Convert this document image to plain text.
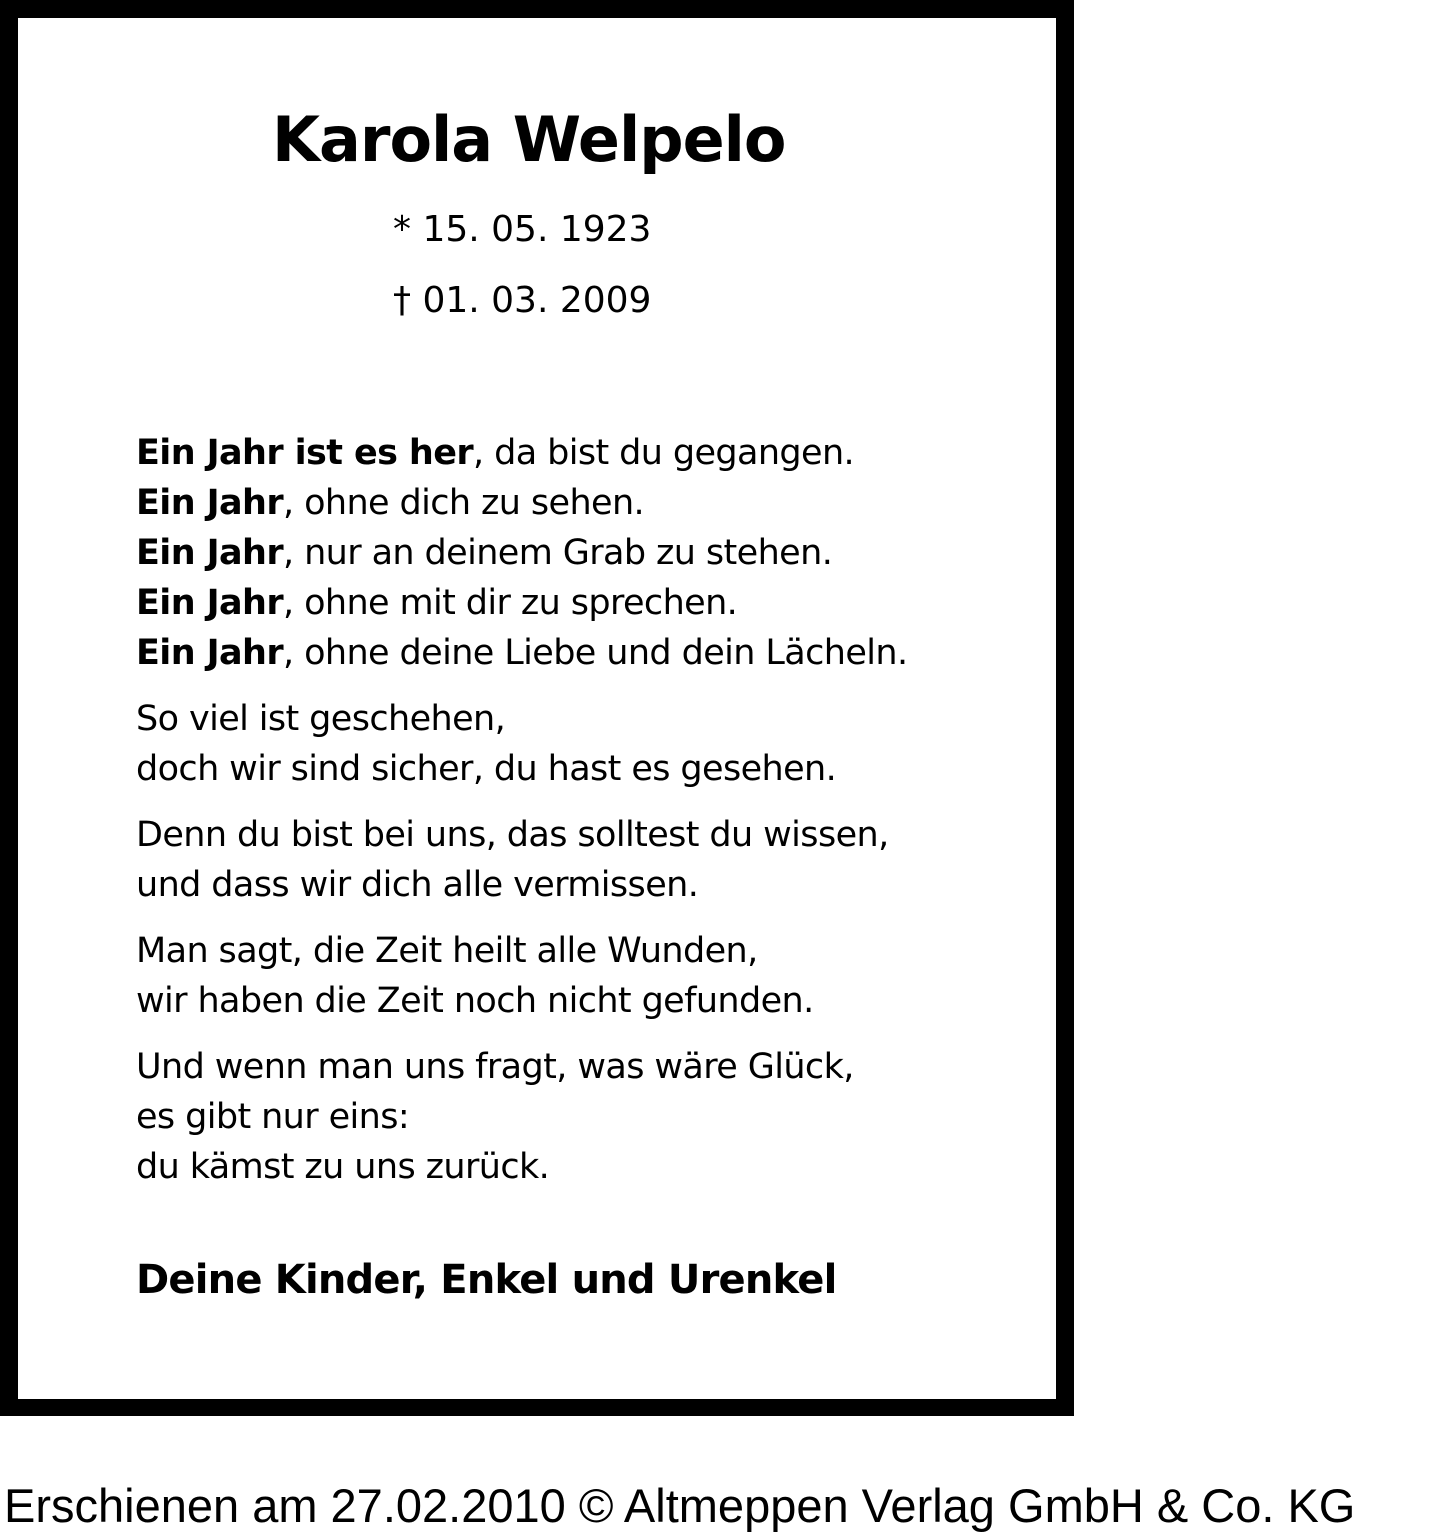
Karola Welpelo
* 15. 05. 1923
† 01. 03. 2009
Ein Jahr ist es her, da bist du gegangen.
Ein Jahr, ohne dich zu sehen.
Ein Jahr, nur an deinem Grab zu stehen.
Ein Jahr, ohne mit dir zu sprechen.
Ein Jahr, ohne deine Liebe und dein Lächeln.
So viel ist geschehen,
doch wir sind sicher, du hast es gesehen.
Denn du bist bei uns, das solltest du wissen,
und dass wir dich alle vermissen.
Man sagt, die Zeit heilt alle Wunden,
wir haben die Zeit noch nicht gefunden.
Und wenn man uns fragt, was wäre Glück,
es gibt nur eins:
du kämst zu uns zurück.
Deine Kinder, Enkel und Urenkel
Erschienen am 27.02.2010 © Altmeppen Verlag GmbH & Co. KG
